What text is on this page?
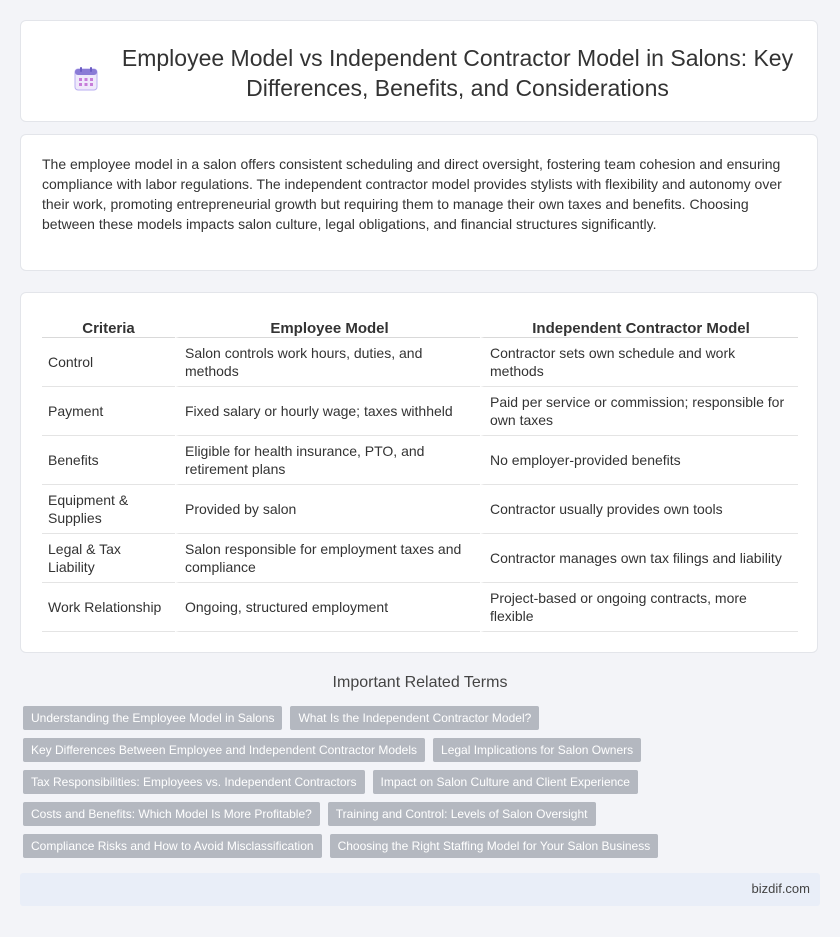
Employee Model vs Independent Contractor Model in Salons: Key Differences, Benefits, and Considerations

The employee model in a salon offers consistent scheduling and direct oversight, fostering team cohesion and ensuring compliance with labor regulations. The independent contractor model provides stylists with flexibility and autonomy over their work, promoting entrepreneurial growth but requiring them to manage their own taxes and benefits. Choosing between these models impacts salon culture, legal obligations, and financial structures significantly.

Criteria	Employee Model	Independent Contractor Model
Control	Salon controls work hours, duties, and methods	Contractor sets own schedule and work methods
Payment	Fixed salary or hourly wage; taxes withheld	Paid per service or commission; responsible for own taxes
Benefits	Eligible for health insurance, PTO, and retirement plans	No employer-provided benefits
Equipment & Supplies	Provided by salon	Contractor usually provides own tools
Legal & Tax Liability	Salon responsible for employment taxes and compliance	Contractor manages own tax filings and liability
Work Relationship	Ongoing, structured employment	Project-based or ongoing contracts, more flexible
Important Related Terms
Understanding the Employee Model in Salons	What Is the Independent Contractor Model?
Key Differences Between Employee and Independent Contractor Models	Legal Implications for Salon Owners
Tax Responsibilities: Employees vs. Independent Contractors	Impact on Salon Culture and Client Experience
Costs and Benefits: Which Model Is More Profitable?	Training and Control: Levels of Salon Oversight
Compliance Risks and How to Avoid Misclassification	Choosing the Right Staffing Model for Your Salon Business
bizdif.com
